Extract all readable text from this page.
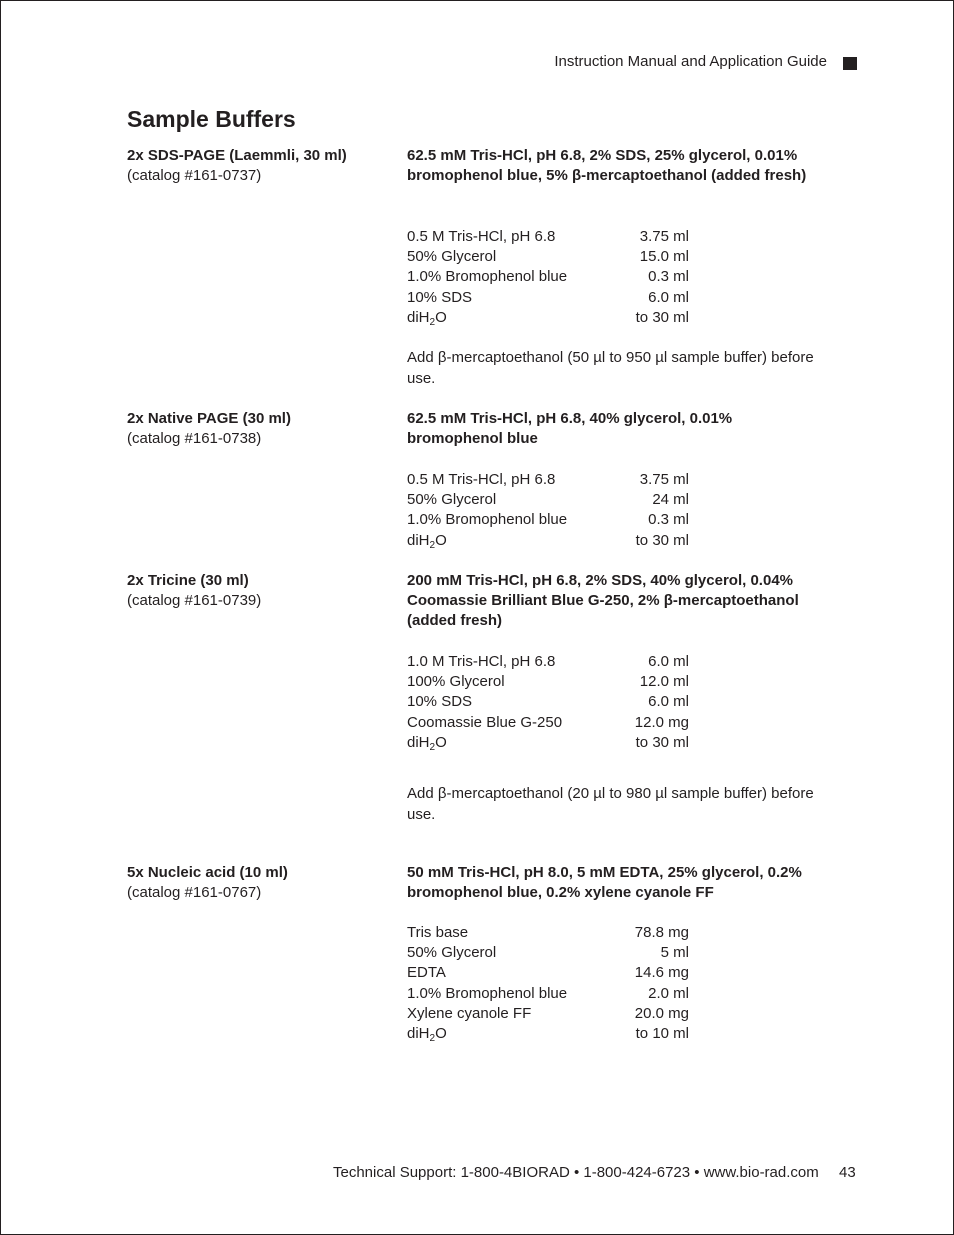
Instruction Manual and Application Guide
Sample Buffers
2x SDS-PAGE (Laemmli, 30 ml)
(catalog #161-0737)
62.5 mM Tris-HCl, pH 6.8, 2% SDS, 25% glycerol, 0.01% bromophenol blue, 5% β-mercaptoethanol (added fresh)
0.5 M Tris-HCl, pH 6.8	3.75 ml
50% Glycerol	15.0 ml
1.0% Bromophenol blue	0.3 ml
10% SDS	6.0 ml
diH$_2$O	to 30 ml
Add β-mercaptoethanol (50 µl to 950 µl sample buffer) before use.
2x Native PAGE (30 ml)
(catalog #161-0738)
62.5 mM Tris-HCl, pH 6.8, 40% glycerol, 0.01% bromophenol blue
0.5 M Tris-HCl, pH 6.8	3.75 ml
50% Glycerol	24 ml
1.0% Bromophenol blue	0.3 ml
diH$_2$O	to 30 ml
2x Tricine (30 ml)
(catalog #161-0739)
200 mM Tris-HCl, pH 6.8, 2% SDS, 40% glycerol, 0.04% Coomassie Brilliant Blue G-250, 2% β-mercaptoethanol (added fresh)
1.0 M Tris-HCl, pH 6.8	6.0 ml
100% Glycerol	12.0 ml
10% SDS	6.0 ml
Coomassie Blue G-250	12.0 mg
diH$_2$O	to 30 ml
Add β-mercaptoethanol (20 µl to 980 µl sample buffer) before use.
5x Nucleic acid (10 ml)
(catalog #161-0767)
50 mM Tris-HCl, pH 8.0, 5 mM EDTA, 25% glycerol, 0.2% bromophenol blue, 0.2% xylene cyanole FF
Tris base	78.8 mg
50% Glycerol	5 ml
EDTA	14.6 mg
1.0% Bromophenol blue	2.0 ml
Xylene cyanole FF	20.0 mg
diH$_2$O	to 10 ml
Technical Support: 1-800-4BIORAD • 1-800-424-6723 • www.bio-rad.com 43
